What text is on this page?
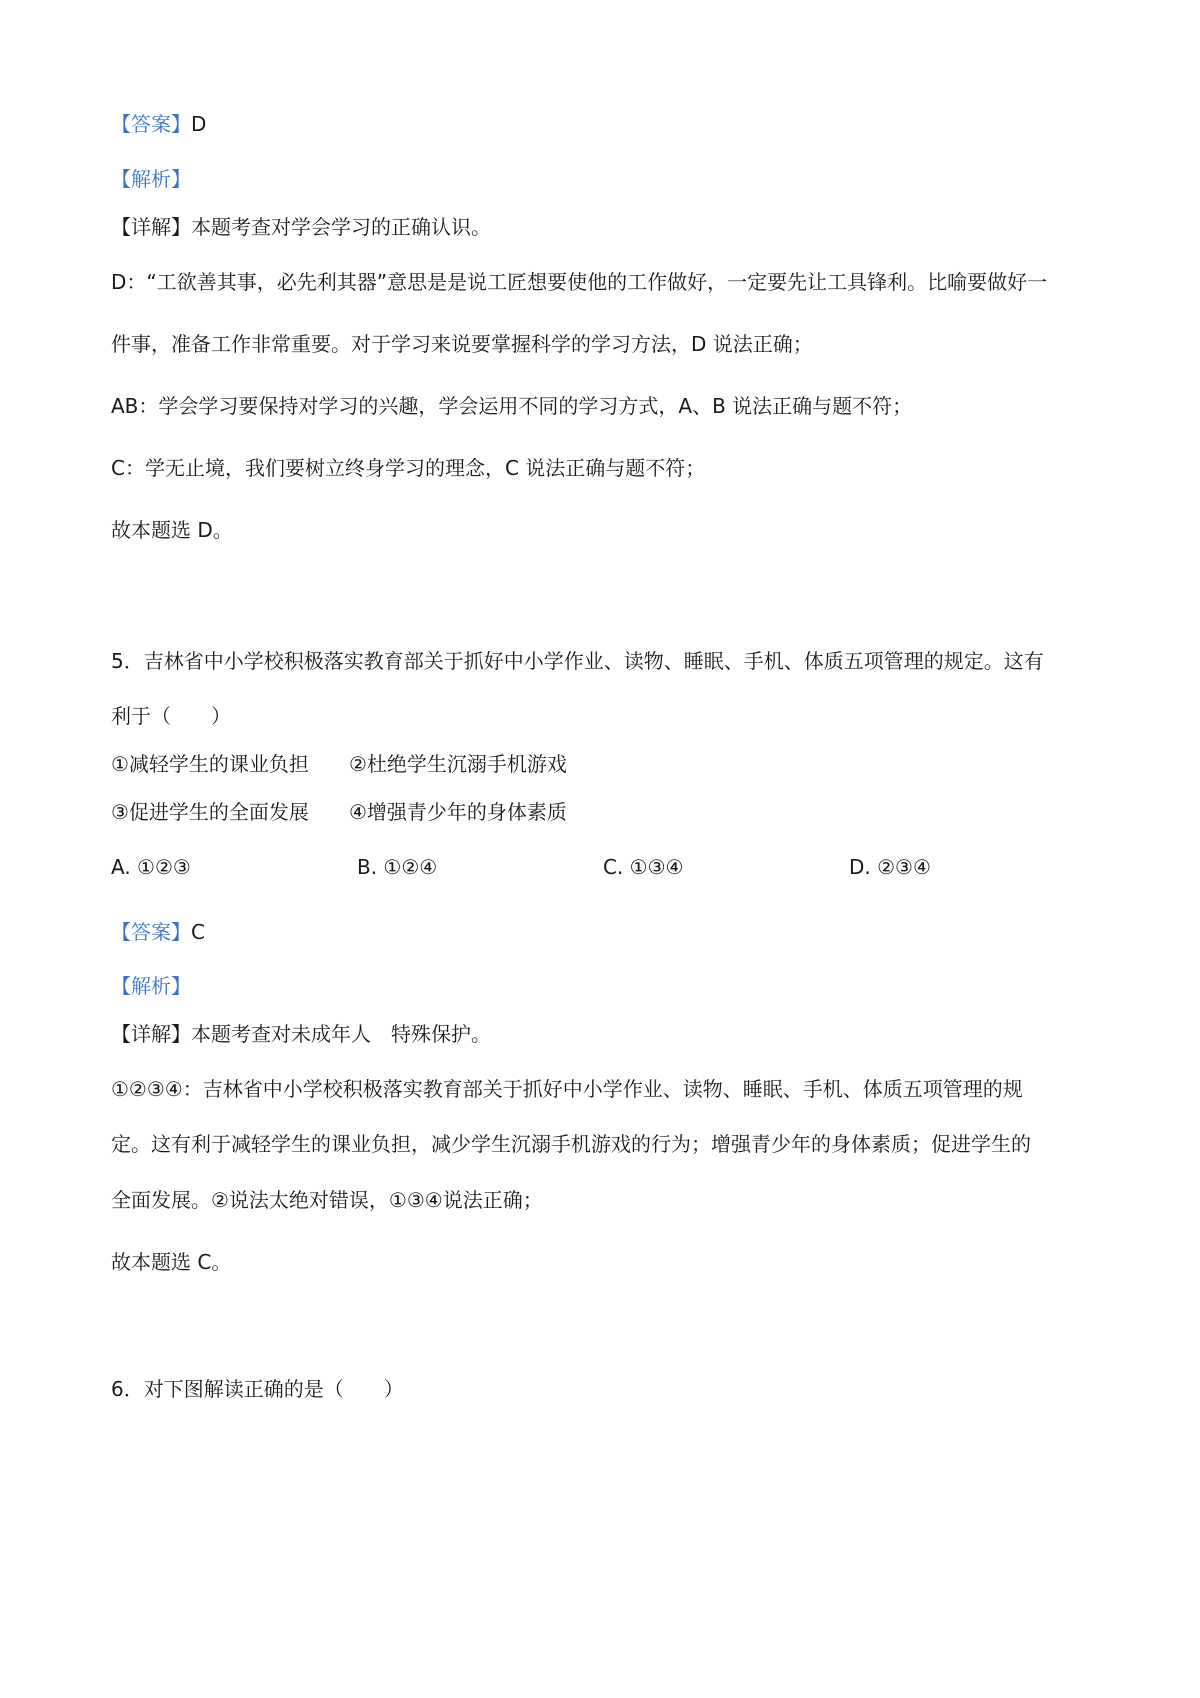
【答案】D
【解析】
【详解】本题考查对学会学习的正确认识。
D：“工欲善其事，必先利其器”意思是是说工匠想要使他的工作做好，一定要先让工具锋利。比喻要做好一
件事，准备工作非常重要。对于学习来说要掌握科学的学习方法，D 说法正确；
AB：学会学习要保持对学习的兴趣，学会运用不同的学习方式，A、B 说法正确与题不符；
C：学无止境，我们要树立终身学习的理念，C 说法正确与题不符；
故本题选 D。
5．吉林省中小学校积极落实教育部关于抓好中小学作业、读物、睡眠、手机、体质五项管理的规定。这有
利于（　　）
①减轻学生的课业负担 ②杜绝学生沉溺手机游戏
③促进学生的全面发展 ④增强青少年的身体素质
A. ①②③	B. ①②④	C. ①③④	D. ②③④
【答案】C
【解析】
【详解】本题考查对未成年人　特殊保护。
①②③④：吉林省中小学校积极落实教育部关于抓好中小学作业、读物、睡眠、手机、体质五项管理的规
定。这有利于减轻学生的课业负担，减少学生沉溺手机游戏的行为；增强青少年的身体素质；促进学生的
全面发展。②说法太绝对错误，①③④说法正确；
故本题选 C。
6．对下图解读正确的是（　　）
